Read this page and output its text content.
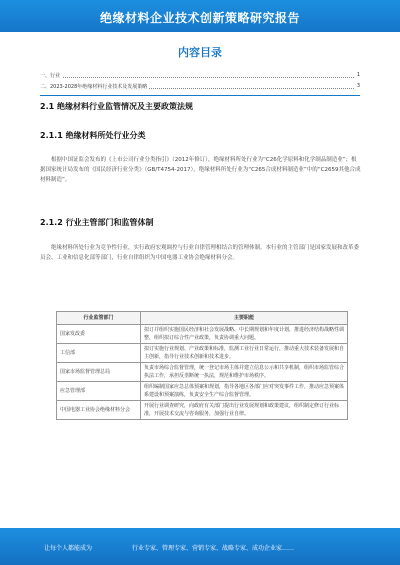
绝缘材料企业技术创新策略研究报告
内容目录
一、行业	1
二、2023-2028年绝缘材料行业技术及发展策略	3
2.1 绝缘材料行业监管情况及主要政策法规
2.1.1 绝缘材料所处行业分类
根据中国证监会发布的《上市公司行业分类指引》（2012年修订），绝缘材料所处行业为“C26化学原料和化学制品制造业”；根据国家统计局发布的《国民经济行业分类》（GB/T4754-2017），绝缘材料所处行业为“C265合成材料制造业”中的“C2659其他合成材料制造”。
2.1.2 行业主管部门和监管体制
绝缘材料所处行业为竞争性行业，实行政府宏观调控与行业自律管理相结合的管理体制。本行业的主管部门是国家发展和改革委员会、工业和信息化部等部门，行业自律组织为中国电器工业协会绝缘材料分会。
行业监管部门	主要职能
国家发改委	拟订并组织实施国民经济和社会发展战略、中长期规划和年度计划，推进经济结构战略性调整，组织拟订综合性产业政策，负责协调重大问题。
工信部	拟订实施行业规划、产业政策和标准，监测工业行业日常运行，推动重大技术装备发展和自主创新，指导行业技术创新和技术进步。
国家市场监督管理总局	负责市场综合监督管理，统一登记市场主体并建立信息公示和共享机制，组织市场监管综合执法工作，承担反垄断统一执法，规范和维护市场秩序。
应急管理部	组织编制国家应急总体预案和规划，指导各地区各部门应对突发事件工作，推动应急预案体系建设和预案演练，负责安全生产综合监督管理。
中国电器工业协会绝缘材料分会	开展行业调查研究，向政府有关部门提出行业发展规划和政策建议，组织制定修订行业标准，开展技术交流与咨询服务，加强行业自律。
让每个人都能成为	行业专家、管理专家、营销专家、战略专家、成功企业家……
